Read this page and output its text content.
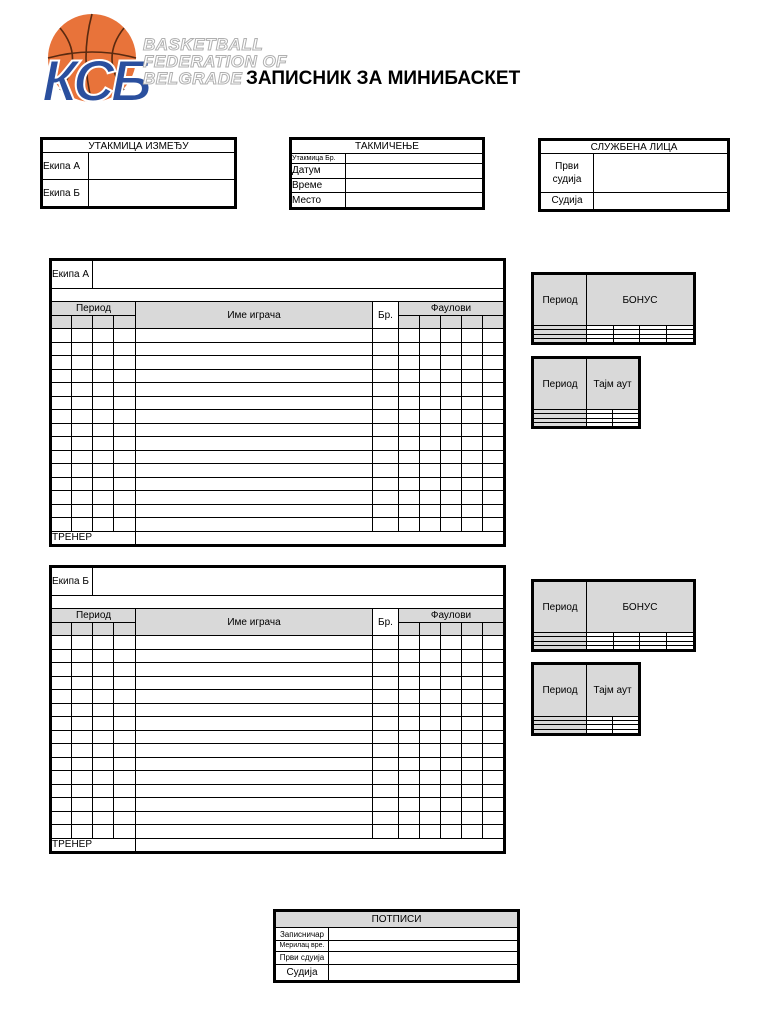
КСБ
BASKETBALL
FEDERATION OF
BELGRADE ЗАПИСНИК ЗА МИНИБАСКЕТ
УТАКМИЦА ИЗМЕЂУ	
Екипа А	
Екипа Б	
ТАКМИЧЕЊЕ	
Утакмица Бр.	
Датум	
Време	
Место	
СЛУЖБЕНА ЛИЦА	
Први судија	
Судија	
Екипа А										

Период				Име играча	Бр.	Фаулови				

ТРЕНЕР										
Екипа Б										

Период				Име играча	Бр.	Фаулови				

ТРЕНЕР										
Период	БОНУС			

Период	Тајм аут	

Период	БОНУС			

Период	Тајм аут	

ПОТПИСИ	
Записничар	
Мерилац вре.	
Први сдуија	
Судија	
